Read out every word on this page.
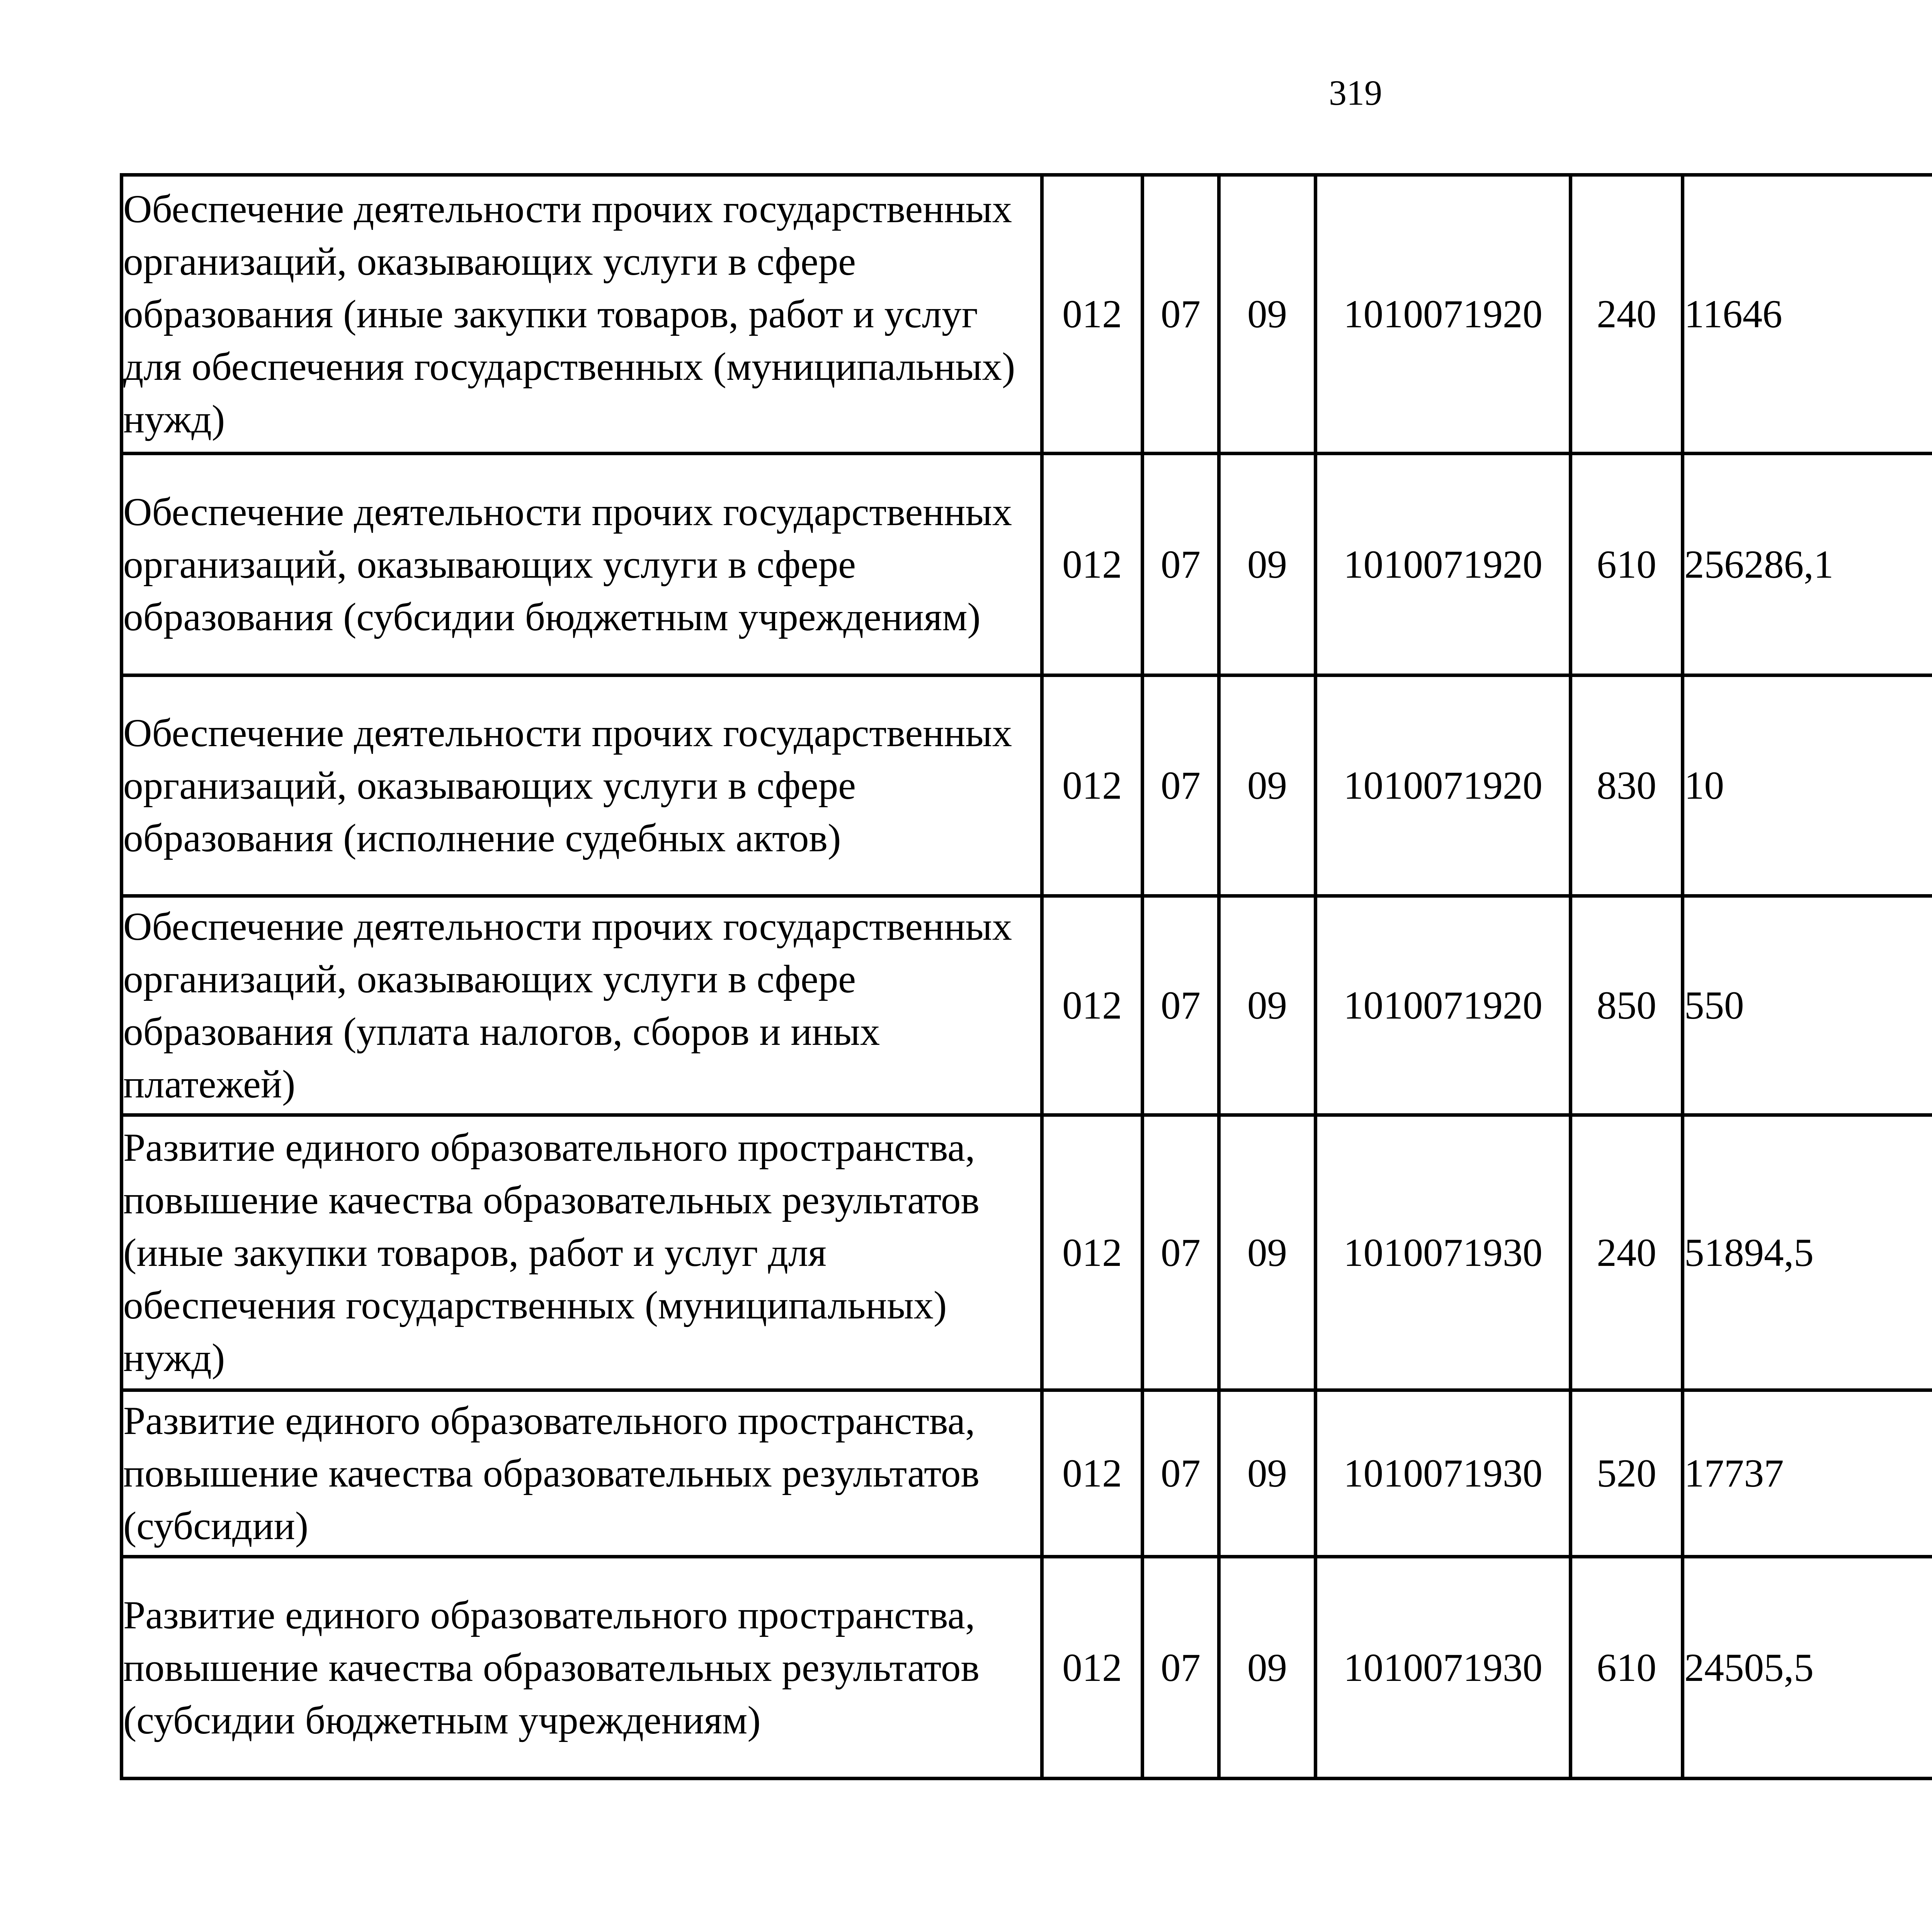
319
Обеспечение деятельности прочих государственных организаций, оказывающих услуги в сфере образования (иные закупки товаров, работ и услуг для обеспечения государственных (муниципальных) нужд)	012	07	09	1010071920	240	11646		
Обеспечение деятельности прочих государственных организаций, оказывающих услуги в сфере образования (субсидии бюджетным учреждениям)	012	07	09	1010071920	610	256286,1		
Обеспечение деятельности прочих государственных организаций, оказывающих услуги в сфере образования (исполнение судебных актов)	012	07	09	1010071920	830	10		
Обеспечение деятельности прочих государственных организаций, оказывающих услуги в сфере образования (уплата налогов, сборов и иных платежей)	012	07	09	1010071920	850	550		
Развитие единого образовательного пространства, повышение качества образовательных результатов (иные закупки товаров, работ и услуг для обеспечения государственных (муниципальных) нужд)	012	07	09	1010071930	240	51894,5		
Развитие единого образовательного пространства, повышение качества образовательных результатов (субсидии)	012	07	09	1010071930	520	17737		
Развитие единого образовательного пространства, повышение качества образовательных результатов (субсидии бюджетным учреждениям)	012	07	09	1010071930	610	24505,5		
